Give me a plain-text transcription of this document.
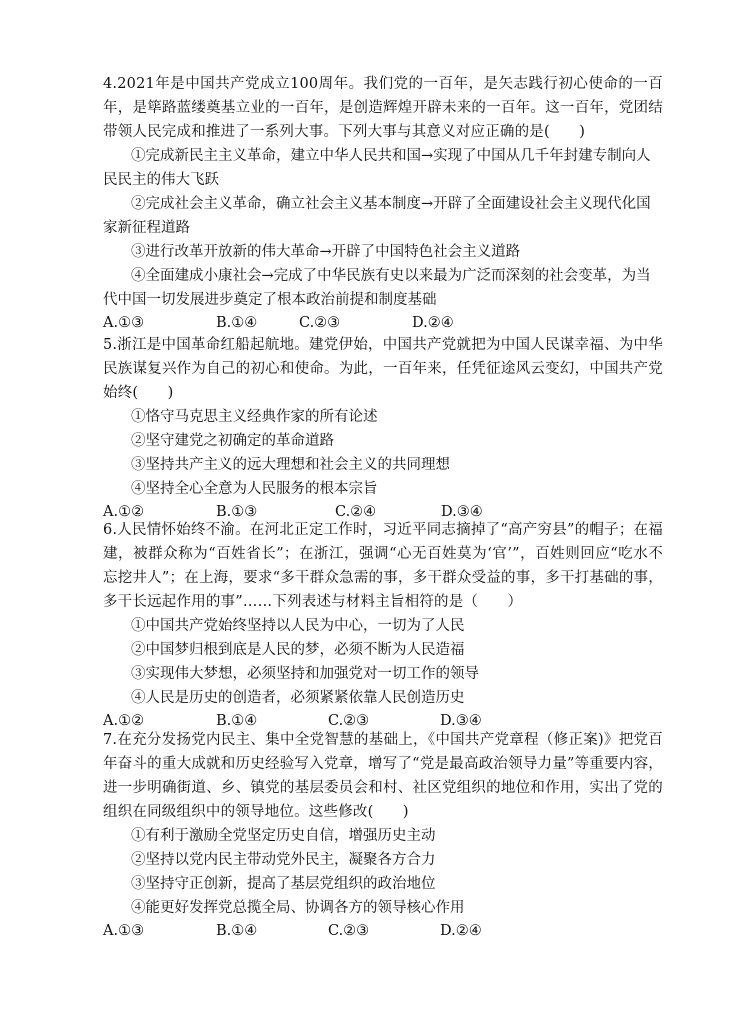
4.2021年是中国共产党成立100周年。我们党的一百年，是矢志践行初心使命的一百年，是筚路蓝缕奠基立业的一百年，是创造辉煌开辟未来的一百年。这一百年，党团结带领人民完成和推进了一系列大事。下列大事与其意义对应正确的是(　　)

①完成新民主主义革命，建立中华人民共和国→实现了中国从几千年封建专制向人民民主的伟大飞跃

②完成社会主义革命，确立社会主义基本制度→开辟了全面建设社会主义现代化国家新征程道路

③进行改革开放新的伟大革命→开辟了中国特色社会主义道路

④全面建成小康社会→完成了中华民族有史以来最为广泛而深刻的社会变革，为当代中国一切发展进步奠定了根本政治前提和制度基础

A.①③	B.①④	C.②③	D.②④

5.浙江是中国革命红船起航地。建党伊始，中国共产党就把为中国人民谋幸福、为中华民族谋复兴作为自己的初心和使命。为此，一百年来，任凭征途风云变幻，中国共产党始终(　　)

①恪守马克思主义经典作家的所有论述

②坚守建党之初确定的革命道路

③坚持共产主义的远大理想和社会主义的共同理想

④坚持全心全意为人民服务的根本宗旨

A.①②	B.①③	C.②④	D.③④

6.人民情怀始终不渝。在河北正定工作时，习近平同志摘掉了“高产穷县”的帽子；在福建，被群众称为“百姓省长”；在浙江，强调“心无百姓莫为‘官’”，百姓则回应“吃水不忘挖井人”；在上海，要求“多干群众急需的事，多干群众受益的事，多干打基础的事，多干长远起作用的事”……下列表述与材料主旨相符的是（　　）

①中国共产党始终坚持以人民为中心，一切为了人民

②中国梦归根到底是人民的梦，必须不断为人民造福

③实现伟大梦想，必须坚持和加强党对一切工作的领导

④人民是历史的创造者，必须紧紧依靠人民创造历史

A.①②	B.①④	C.②③	D.③④

7.在充分发扬党内民主、集中全党智慧的基础上，《中国共产党章程（修正案)》把党百年奋斗的重大成就和历史经验写入党章，增写了“党是最高政治领导力量”等重要内容，进一步明确街道、乡、镇党的基层委员会和村、社区党组织的地位和作用，实出了党的组织在同级组织中的领导地位。这些修改(　　)

①有利于激励全党坚定历史自信，增强历史主动

②坚持以党内民主带动党外民主，凝聚各方合力

③坚持守正创新，提高了基层党组织的政治地位

④能更好发挥党总揽全局、协调各方的领导核心作用

A.①③	B.①④	C.②③	D.②④
